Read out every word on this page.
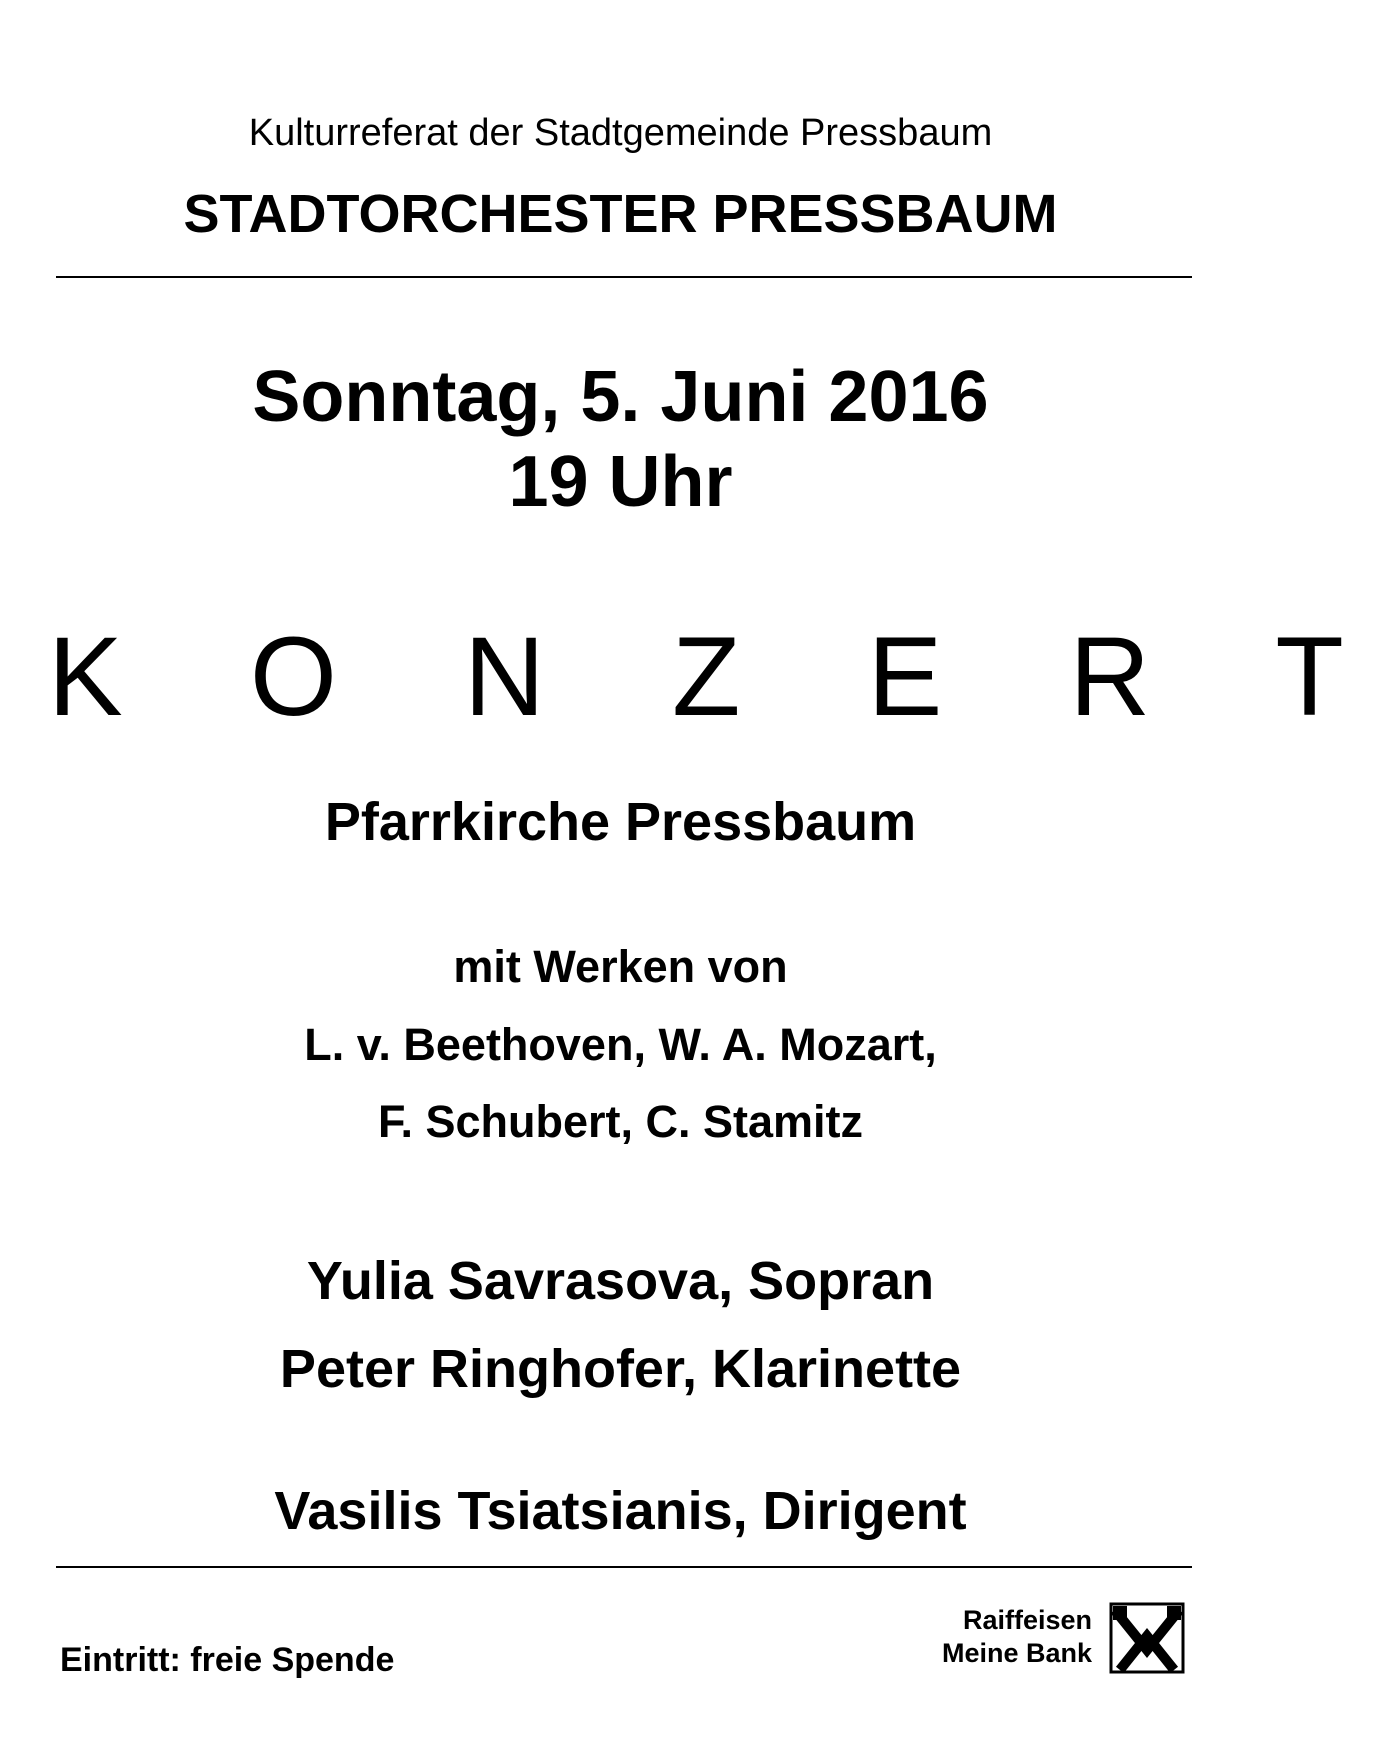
Kulturreferat der Stadtgemeinde Pressbaum
STADTORCHESTER PRESSBAUM
Sonntag, 5. Juni 2016
19 Uhr
K O N Z E R T
Pfarrkirche Pressbaum
mit Werken von
L. v. Beethoven, W. A. Mozart,
F. Schubert, C. Stamitz
Yulia Savrasova, Sopran
Peter Ringhofer, Klarinette
Vasilis Tsiatsianis, Dirigent
Eintritt: freie Spende
Raiffeisen
Meine Bank
